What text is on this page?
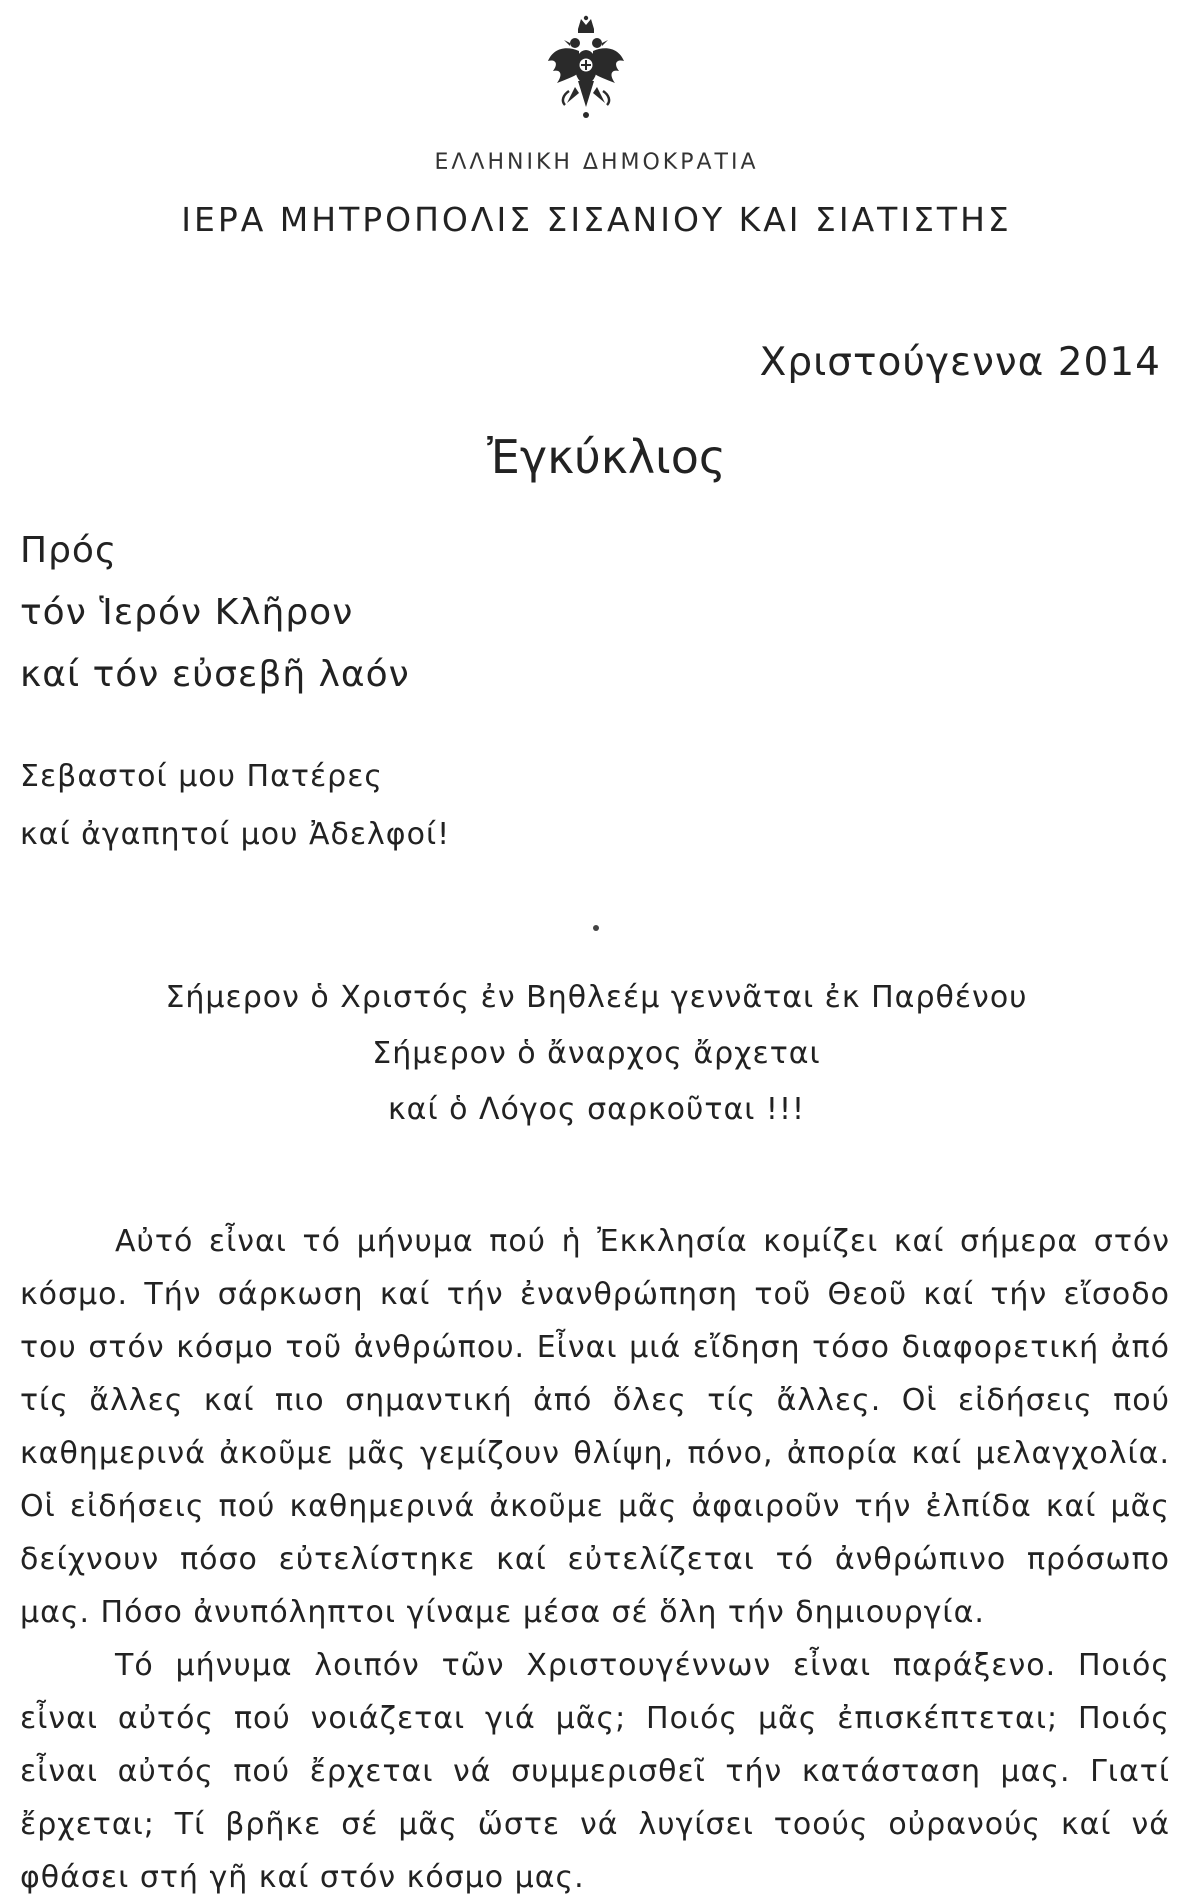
ΕΛΛΗΝΙΚΗ ΔΗΜΟΚΡΑΤΙΑ
ΙΕΡΑ ΜΗΤΡΟΠΟΛΙΣ ΣΙΣΑΝΙΟΥ ΚΑΙ ΣΙΑΤΙΣΤΗΣ
Χριστούγεννα 2014
Ἐγκύκλιος
Πρός
τόν Ἱερόν Κλῆρον
καί τόν εὐσεβῆ λαόν
Σεβαστοί μου Πατέρες
καί ἀγαπητοί μου Ἀδελφοί!
Σήμερον ὁ Χριστός ἐν Βηθλεέμ γεννᾶται ἐκ Παρθένου
Σήμερον ὁ ἄναρχος ἄρχεται
καί ὁ Λόγος σαρκοῦται !!!

Αὐτό εἶναι τό μήνυμα πού ἡ Ἐκκλησία κομίζει καί σήμερα στόν κόσμο. Τήν σάρκωση καί τήν ἐνανθρώπηση τοῦ Θεοῦ καί τήν εἴσοδο του στόν κόσμο τοῦ ἀνθρώπου. Εἶναι μιά εἴδηση τόσο διαφορετική ἀπό τίς ἄλλες καί πιο σημαντική ἀπό ὅλες τίς ἄλλες. Οἱ εἰδήσεις πού καθημερινά ἀκοῦμε μᾶς γεμίζουν θλίψη, πόνο, ἀπορία καί μελαγχολία. Οἱ εἰδήσεις πού καθημερινά ἀκοῦμε μᾶς ἀφαιροῦν τήν ἐλπίδα καί μᾶς δείχνουν πόσο εὐτελίστηκε καί εὐτελίζεται τό ἀνθρώπινο πρόσωπο μας. Πόσο ἀνυπόληπτοι γίναμε μέσα σέ ὅλη τήν δημιουργία.

Τό μήνυμα λοιπόν τῶν Χριστουγέννων εἶναι παράξενο. Ποιός εἶναι αὐτός πού νοιάζεται γιά μᾶς; Ποιός μᾶς ἐπισκέπτεται; Ποιός εἶναι αὐτός πού ἔρχεται νά συμμερισθεῖ τήν κατάσταση μας. Γιατί ἔρχεται; Τί βρῆκε σέ μᾶς ὥστε νά λυγίσει τοούς οὐρανούς καί νά φθάσει στή γῆ καί στόν κόσμο μας.
